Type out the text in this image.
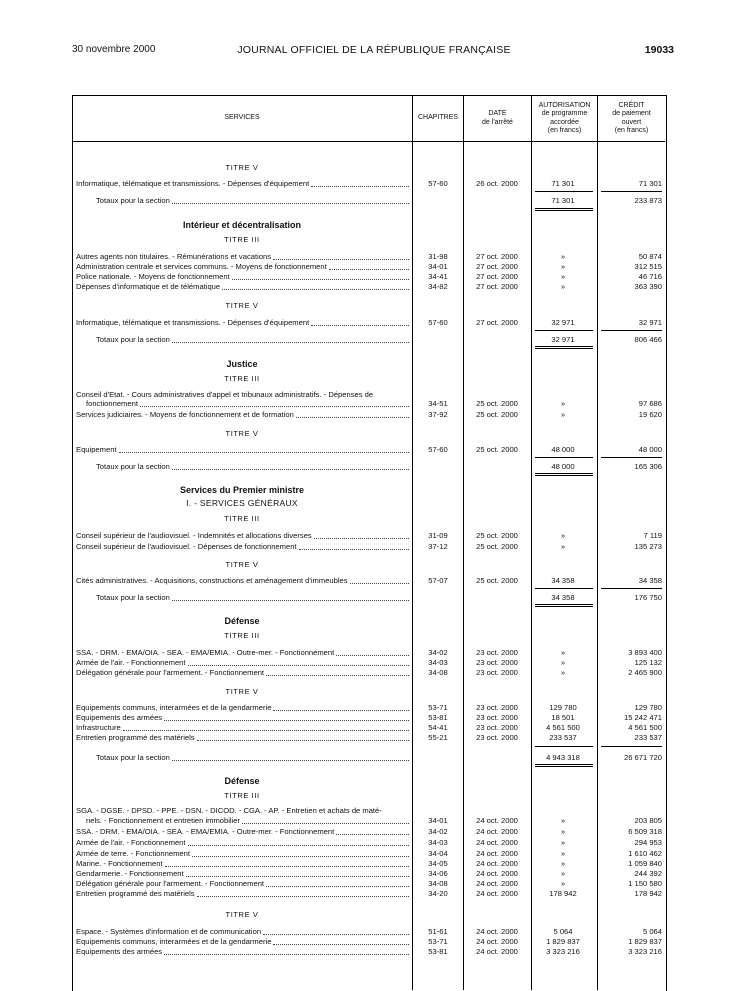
30 novembre 2000	JOURNAL OFFICIEL DE LA RÉPUBLIQUE FRANÇAISE	19033
SERVICES	CHAPITRES
DATE
de l'arrêté
AUTORISATION
de programme
accordée
(en francs)
CRÉDIT
de paiement
ouvert
(en francs)
TITRE V
Informatique, télématique et transmissions. - Dépenses d'équipement	57-60	26 oct. 2000	71 301	71 301
Totaux pour la section	71 301	233 873
Intérieur et décentralisation
TITRE III
Autres agents non titulaires. - Rémunérations et vacations	31-98	27 oct. 2000	»	50 874
Administration centrale et services communs. - Moyens de fonctionnement	34-01	27 oct. 2000	»	312 515
Police nationale. - Moyens de fonctionnement	34-41	27 oct. 2000	»	46 716
Dépenses d'informatique et de télématique	34-82	27 oct. 2000	»	363 390
TITRE V
Informatique, télématique et transmissions. - Dépenses d'équipement	57-60	27 oct. 2000	32 971	32 971
Totaux pour la section	32 971	806 466
Justice
TITRE III
Conseil d'Etat. - Cours administratives d'appel et tribunaux administratifs. - Dépenses de
fonctionnement	34-51	25 oct. 2000	»	97 686
Services judiciaires. - Moyens de fonctionnement et de formation	37-92	25 oct. 2000	»	19 620
TITRE V
Equipement	57-60	25 oct. 2000	48 000	48 000
Totaux pour la section	48 000	165 306
Services du Premier ministre
I. - SERVICES GÉNÉRAUX
TITRE III
Conseil supérieur de l'audiovisuel. - Indemnités et allocations diverses	31-09	25 oct. 2000	»	7 119
Conseil supérieur de l'audiovisuel. - Dépenses de fonctionnement	37-12	25 oct. 2000	»	135 273
TITRE V
Cités administratives. - Acquisitions, constructions et aménagement d'immeubles	57-07	25 oct. 2000	34 358	34 358
Totaux pour la section	34 358	176 750
Défense
TITRE III
SSA. - DRM. - EMA/OIA. - SEA. - EMA/EMIA. - Outre-mer. - Fonctionnement	34-02	23 oct. 2000	»	3 893 400
Armée de l'air. - Fonctionnement	34-03	23 oct. 2000	»	125 132
Délégation générale pour l'armement. - Fonctionnement	34-08	23 oct. 2000	»	2 465 900
TITRE V
Equipements communs, interarmées et de la gendarmerie	53-71	23 oct. 2000	129 780	129 780
Equipements des armées	53-81	23 oct. 2000	18 501	15 242 471
Infrastructure	54-41	23 oct. 2000	4 561 500	4 561 500
Entretien programmé des matériels	55-21	23 oct. 2000	233 537	233 537
Totaux pour la section	4 943 318	26 671 720
Défense
TITRE III
SGA. - DGSE. - DPSD. - PPE. - DSN. - DICOD. - CGA. - AP. - Entretien et achats de maté-
riels. - Fonctionnement et entretien immobilier	34-01	24 oct. 2000	»	203 805
SSA. - DRM. - EMA/OIA. - SEA. - EMA/EMIA. - Outre-mer. - Fonctionnement	34-02	24 oct. 2000	»	6 509 318
Armée de l'air. - Fonctionnement	34-03	24 oct. 2000	»	294 953
Armée de terre. - Fonctionnement	34-04	24 oct. 2000	»	1 610 462
Marine. - Fonctionnement	34-05	24 oct. 2000	»	1 059 840
Gendarmerie. - Fonctionnement	34-06	24 oct. 2000	»	244 392
Délégation générale pour l'armement. - Fonctionnement	34-08	24 oct. 2000	»	1 150 580
Entretien programmé des matériels	34-20	24 oct. 2000	178 942	178 942
TITRE V
Espace. - Systèmes d'information et de communication	51-61	24 oct. 2000	5 064	5 064
Equipements communs, interarmées et de la gendarmerie	53-71	24 oct. 2000	1 829 837	1 829 837
Equipements des armées	53-81	24 oct. 2000	3 323 216	3 323 216
